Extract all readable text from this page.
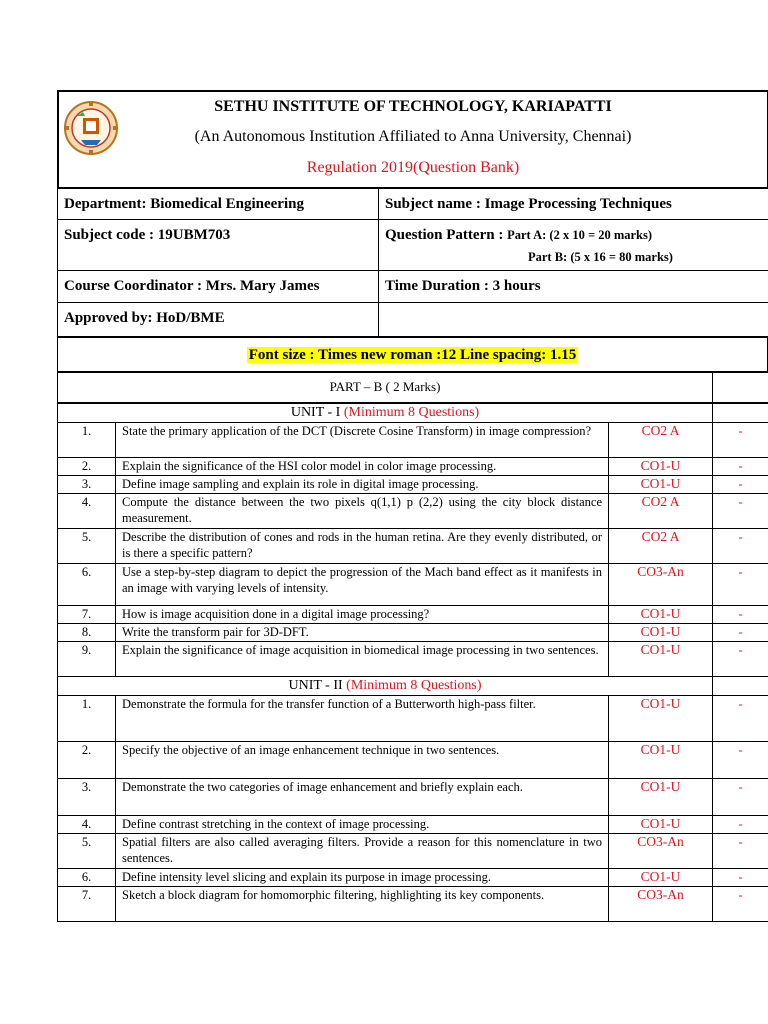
SETHU INSTITUTE OF TECHNOLOGY, KARIAPATTI
(An Autonomous Institution Affiliated to Anna University, Chennai)
Regulation 2019(Question Bank)
Department: Biomedical Engineering	Subject name : Image Processing Techniques
Subject code : 19UBM703	Question Pattern : Part A: (2 x 10 = 20 marks)
Part B: (5 x 16 = 80 marks)

Course Coordinator : Mrs. Mary James	Time Duration : 3 hours
Approved by: HoD/BME	
Font size : Times new roman :12 Line spacing: 1.15
PART – B ( 2 Marks)			
UNIT - I (Minimum 8 Questions)			
1.	State the primary application of the DCT (Discrete Cosine Transform) in image compression?	CO2 A	-
2.	Explain the significance of the HSI color model in color image processing.	CO1-U	-
3.	Define image sampling and explain its role in digital image processing.	CO1-U	-
4.	Compute the distance between the two pixels q(1,1) p (2,2) using the city block distance measurement.	CO2 A	-
5.	Describe the distribution of cones and rods in the human retina. Are they evenly distributed, or is there a specific pattern?	CO2 A	-
6.	Use a step-by-step diagram to depict the progression of the Mach band effect as it manifests in an image with varying levels of intensity.	CO3-An	-
7.	How is image acquisition done in a digital image processing?	CO1-U	-
8.	Write the transform pair for 3D-DFT.	CO1-U	-
9.	Explain the significance of image acquisition in biomedical image processing in two sentences.	CO1-U	-
UNIT - II (Minimum 8 Questions)			
1.	Demonstrate the formula for the transfer function of a Butterworth high-pass filter.	CO1-U	-
2.	Specify the objective of an image enhancement technique in two sentences.	CO1-U	-
3.	Demonstrate the two categories of image enhancement and briefly explain each.	CO1-U	-
4.	Define contrast stretching in the context of image processing.	CO1-U	-
5.	Spatial filters are also called averaging filters. Provide a reason for this nomenclature in two sentences.	CO3-An	-
6.	Define intensity level slicing and explain its purpose in image processing.	CO1-U	-
7.	Sketch a block diagram for homomorphic filtering, highlighting its key components.	CO3-An	-
